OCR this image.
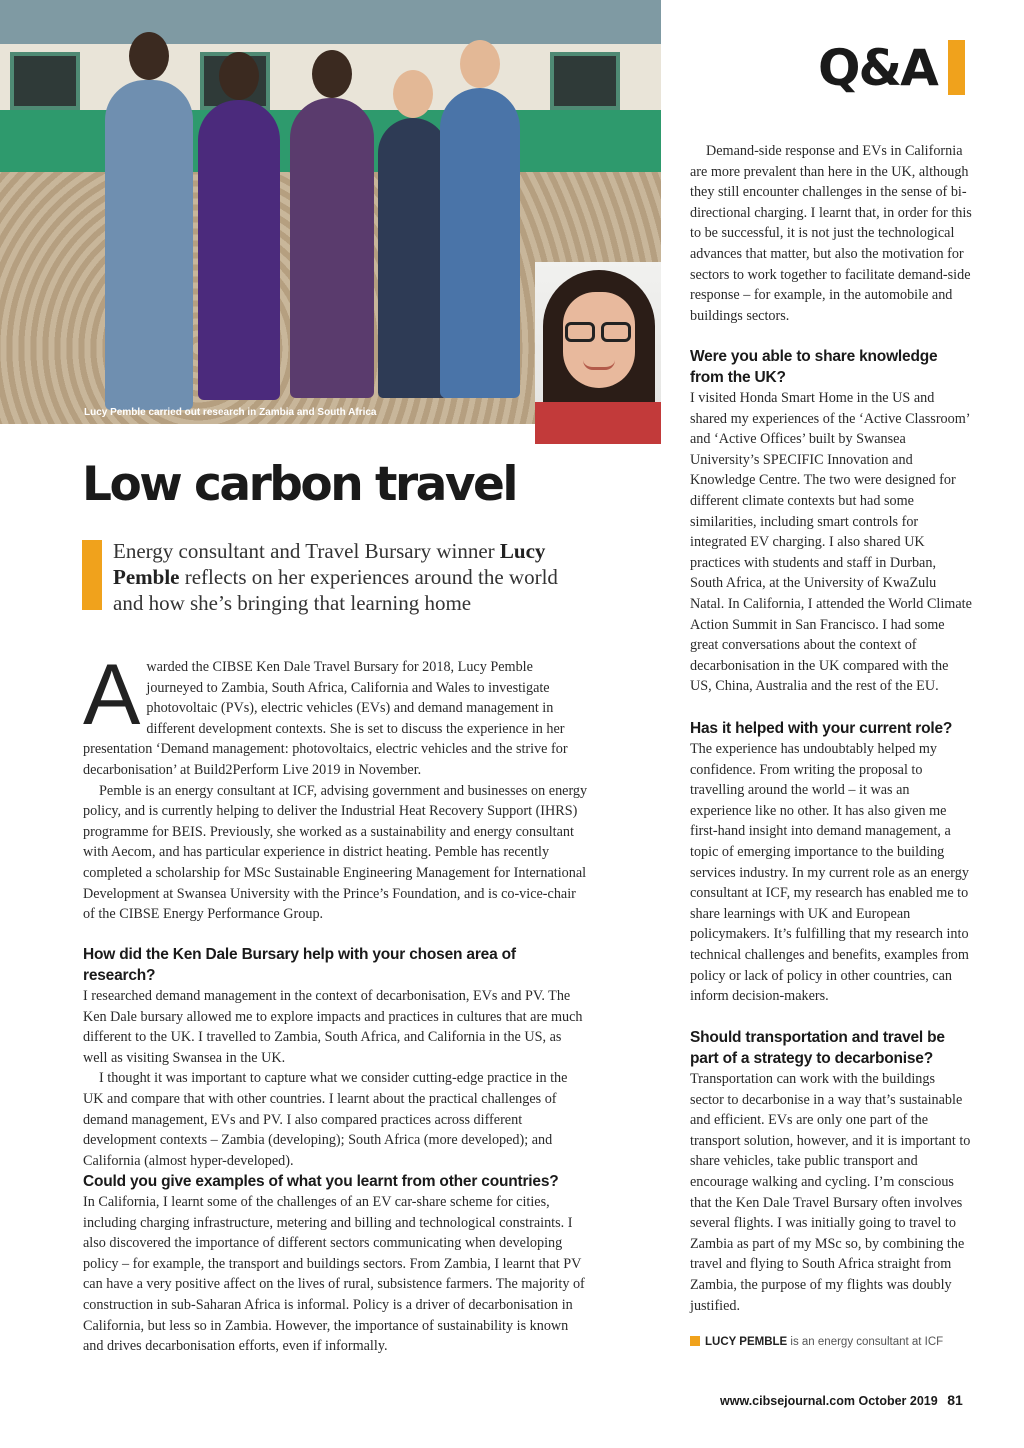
Lucy Pemble carried out research in Zambia and South Africa
Q&A
Low carbon travel

Energy consultant and Travel Bursary winner Lucy Pemble reflects on her experiences around the world and how she’s bringing that learning home

A warded the CIBSE Ken Dale Travel Bursary for 2018, Lucy Pemble journeyed to Zambia, South Africa, California and Wales to investigate photovoltaic (PVs), electric vehicles (EVs) and demand management in different development contexts. She is set to discuss the experience in her presentation ‘Demand management: photovoltaics, electric vehicles and the strive for decarbonisation’ at Build2Perform Live 2019 in November.
Pemble is an energy consultant at ICF, advising government and businesses on energy policy, and is currently helping to deliver the Industrial Heat Recovery Support (IHRS) programme for BEIS. Previously, she worked as a sustainability and energy consultant with Aecom, and has particular experience in district heating. Pemble has recently completed a scholarship for MSc Sustainable Engineering Management for International Development at Swansea University with the Prince’s Foundation, and is co-vice-chair of the CIBSE Energy Performance Group.
How did the Ken Dale Bursary help with your chosen area of research?
I researched demand management in the context of decarbonisation, EVs and PV. The Ken Dale bursary allowed me to explore impacts and practices in cultures that are much different to the UK. I travelled to Zambia, South Africa, and California in the US, as well as visiting Swansea in the UK.
I thought it was important to capture what we consider cutting-edge practice in the UK and compare that with other countries. I learnt about the practical challenges of demand management, EVs and PV. I also compared practices across different development contexts – Zambia (developing); South Africa (more developed); and California (almost hyper-developed).
Could you give examples of what you learnt from other countries?
In California, I learnt some of the challenges of an EV car-share scheme for cities, including charging infrastructure, metering and billing and technological constraints. I also discovered the importance of different sectors communicating when developing policy – for example, the transport and buildings sectors. From Zambia, I learnt that PV can have a very positive affect on the lives of rural, subsistence farmers. The majority of construction in sub-Saharan Africa is informal. Policy is a driver of decarbonisation in California, but less so in Zambia. However, the importance of sustainability is known and drives decarbonisation efforts, even if informally.
Demand-side response and EVs in California are more prevalent than here in the UK, although they still encounter challenges in the sense of bi-directional charging. I learnt that, in order for this to be successful, it is not just the technological advances that matter, but also the motivation for sectors to work together to facilitate demand-side response – for example, in the automobile and buildings sectors.
Were you able to share knowledge from the UK?
I visited Honda Smart Home in the US and shared my experiences of the ‘Active Classroom’ and ‘Active Offices’ built by Swansea University’s SPECIFIC Innovation and Knowledge Centre. The two were designed for different climate contexts but had some similarities, including smart controls for integrated EV charging. I also shared UK practices with students and staff in Durban, South Africa, at the University of KwaZulu Natal. In California, I attended the World Climate Action Summit in San Francisco. I had some great conversations about the context of decarbonisation in the UK compared with the US, China, Australia and the rest of the EU.
Has it helped with your current role?
The experience has undoubtably helped my confidence. From writing the proposal to travelling around the world – it was an experience like no other. It has also given me first-hand insight into demand management, a topic of emerging importance to the building services industry. In my current role as an energy consultant at ICF, my research has enabled me to share learnings with UK and European policymakers. It’s fulfilling that my research into technical challenges and benefits, examples from policy or lack of policy in other countries, can inform decision-makers.
Should transportation and travel be part of a strategy to decarbonise?
Transportation can work with the buildings sector to decarbonise in a way that’s sustainable and efficient. EVs are only one part of the transport solution, however, and it is important to share vehicles, take public transport and encourage walking and cycling. I’m conscious that the Ken Dale Travel Bursary often involves several flights. I was initially going to travel to Zambia as part of my MSc so, by combining the travel and flying to South Africa straight from Zambia, the purpose of my flights was doubly justified.
LUCY PEMBLE is an energy consultant at ICF
www.cibsejournal.com October 2019 81
